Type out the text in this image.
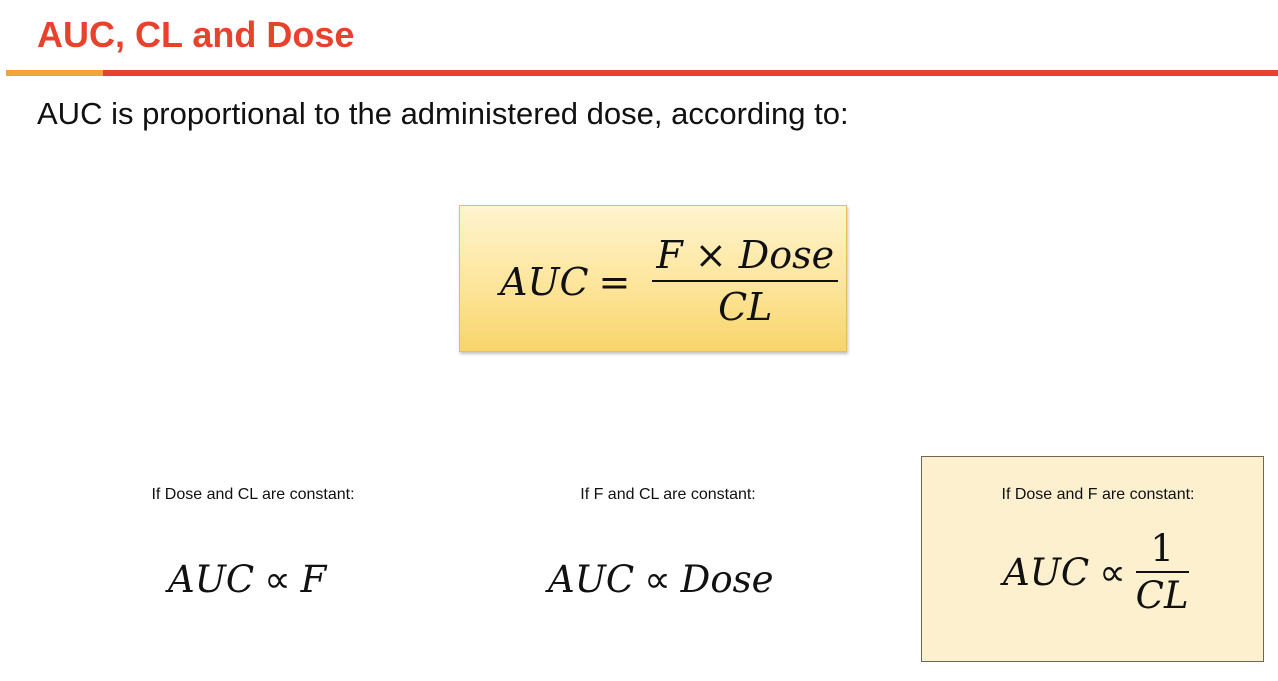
AUC, CL and Dose
AUC is proportional to the administered dose, according to:
AUC = $\frac{\text{F × Dose}}{CL}$
If Dose and CL are constant:
AUC ∝ F
If F and CL are constant:
AUC ∝ Dose
If Dose and F are constant:
AUC ∝ $\frac{1}{CL}$
